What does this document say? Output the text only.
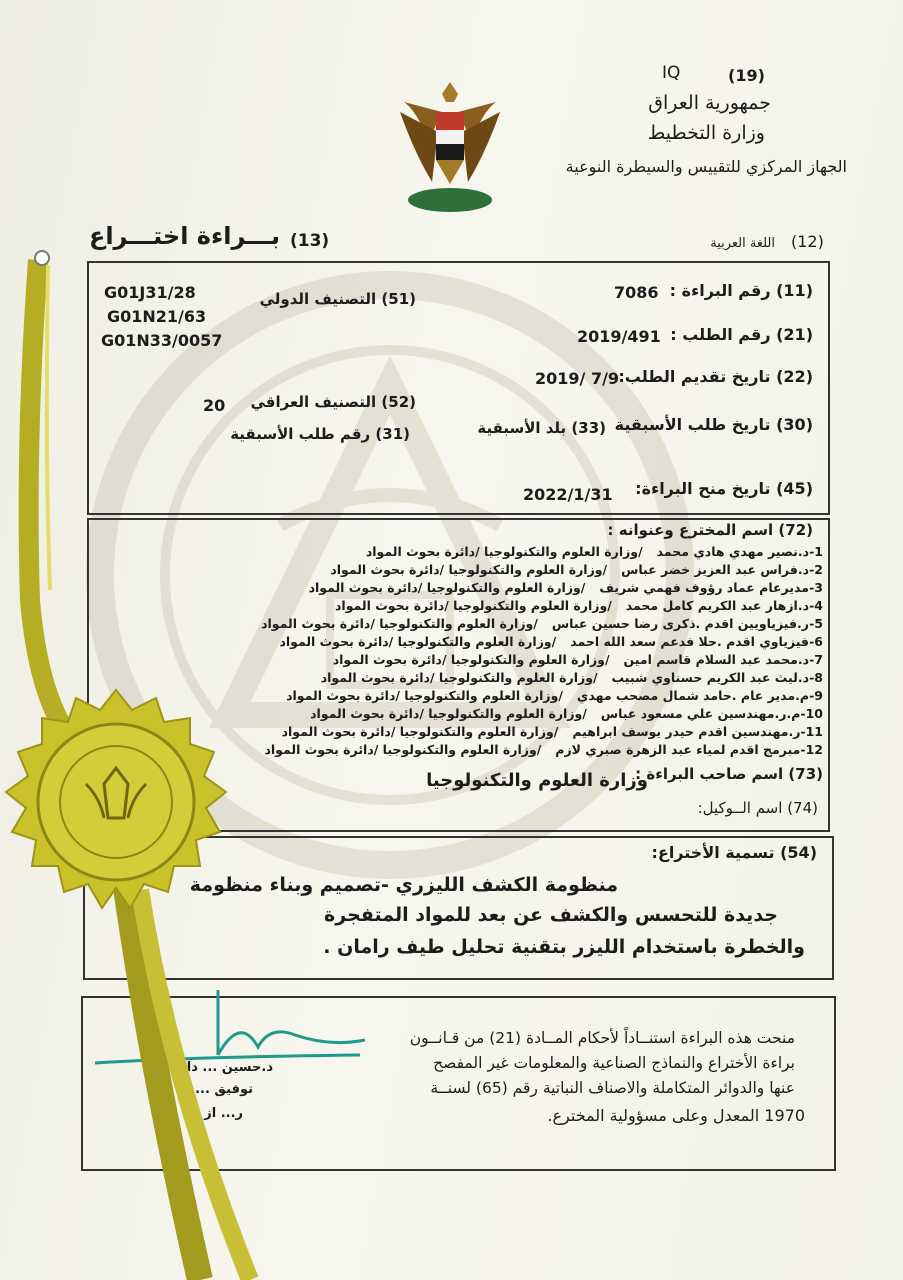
(19)
IQ
جمهورية العراق
وزارة التخطيط
الجهاز المركزي للتقييس والسيطرة النوعية
(12)
اللغة العربية
(13)
بـــراءة اختـــراع
(11) رقم البراءة :
7086
(21) رقم الطلب :
2019/491
(22) تاريخ تقديم الطلب:
2019/ 7/9
(51) التصنيف الدولي
G01J31/28
G01N21/63
G01N33/0057
(52) التصنيف العراقي
20
(30) تاريخ طلب الأسبقية
(33) بلد الأسبقية
(31) رقم طلب الأسبقية
(45) تاريخ منح البراءة:
2022/1/31
(72) اسم المخترع وعنوانه :
1-د.نصير مهدي هادي محمد/وزارة العلوم والتكنولوجيا /دائرة بحوث المواد
2-د.فراس عبد العزيز خضر عباس/وزارة العلوم والتكنولوجيا /دائرة بحوث المواد
3-مديرعام عماد رؤوف فهمي شريف/وزارة العلوم والتكنولوجيا /دائرة بحوث المواد
4-د.ازهار عبد الكريم كامل محمد/وزارة العلوم والتكنولوجيا /دائرة بحوث المواد
5-ر.فيزياويين اقدم .ذكرى رضا حسين عباس/وزارة العلوم والتكنولوجيا /دائرة بحوث المواد
6-فيزياوي اقدم .حلا فدعم سعد الله احمد/وزارة العلوم والتكنولوجيا /دائرة بحوث المواد
7-د.محمد عبد السلام قاسم امين/وزارة العلوم والتكنولوجيا /دائرة بحوث المواد
8-د.ليث عبد الكريم حسناوي شبيب/وزارة العلوم والتكنولوجيا /دائرة بحوث المواد
9-م.مدير عام .حامد شمال مصحب مهدي/وزارة العلوم والتكنولوجيا /دائرة بحوث المواد
10-م.ر.مهندسين علي مسعود عباس/وزارة العلوم والتكنولوجيا /دائرة بحوث المواد
11-ر.مهندسين اقدم حيدر يوسف ابراهيم/وزارة العلوم والتكنولوجيا /دائرة بحوث المواد
12-مبرمج اقدم لمياء عبد الزهرة صبري لازم/وزارة العلوم والتكنولوجيا /دائرة بحوث المواد
(73) اسم صاحب البراءة :
وزارة العلوم والتكنولوجيا
(74) اسم الــوكيل:
(54) تسمية الأختراع:
منظومة الكشف الليزري -تصميم وبناء منظومة
جديدة للتحسس والكشف عن بعد للمواد المتفجرة
والخطرة باستخدام الليزر بتقنية تحليل طيف رامان .
منحت هذه البراءة استنــاداً لأحكام المــادة (21) من قـانــون
براءة الأختراع والنماذج الصناعية والمعلومات غير المفصح
عنها والدوائر المتكاملة والاصناف النباتية رقم (65) لسنــة
1970 المعدل وعلى مسؤولية المخترع.
د.حسين ... داود
توفيق ... ل
ر... از
